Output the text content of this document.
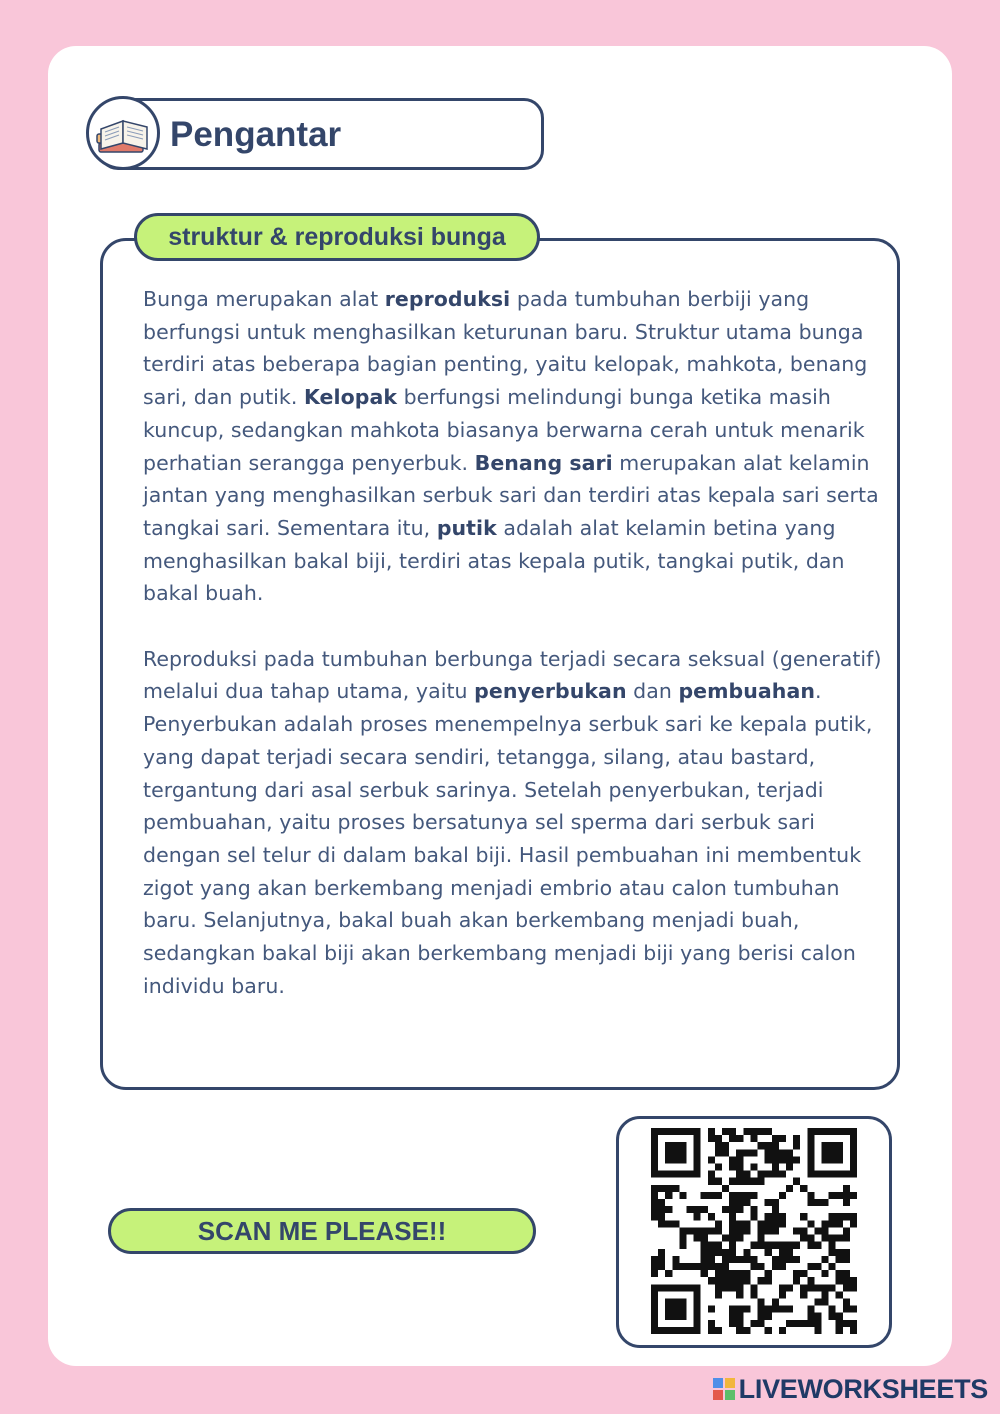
Pengantar
struktur & reproduksi bunga

Bunga merupakan alat reproduksi pada tumbuhan berbiji yang berfungsi untuk menghasilkan keturunan baru. Struktur utama bunga terdiri atas beberapa bagian penting, yaitu kelopak, mahkota, benang sari, dan putik. Kelopak berfungsi melindungi bunga ketika masih kuncup, sedangkan mahkota biasanya berwarna cerah untuk menarik perhatian serangga penyerbuk. Benang sari merupakan alat kelamin jantan yang menghasilkan serbuk sari dan terdiri atas kepala sari serta tangkai sari. Sementara itu, putik adalah alat kelamin betina yang menghasilkan bakal biji, terdiri atas kepala putik, tangkai putik, dan bakal buah.

Reproduksi pada tumbuhan berbunga terjadi secara seksual (generatif) melalui dua tahap utama, yaitu penyerbukan dan pembuahan. Penyerbukan adalah proses menempelnya serbuk sari ke kepala putik, yang dapat terjadi secara sendiri, tetangga, silang, atau bastard, tergantung dari asal serbuk sarinya. Setelah penyerbukan, terjadi pembuahan, yaitu proses bersatunya sel sperma dari serbuk sari dengan sel telur di dalam bakal biji. Hasil pembuahan ini membentuk zigot yang akan berkembang menjadi embrio atau calon tumbuhan baru. Selanjutnya, bakal buah akan berkembang menjadi buah, sedangkan bakal biji akan berkembang menjadi biji yang berisi calon individu baru.

SCAN ME PLEASE!!
LIVEWORKSHEETS
